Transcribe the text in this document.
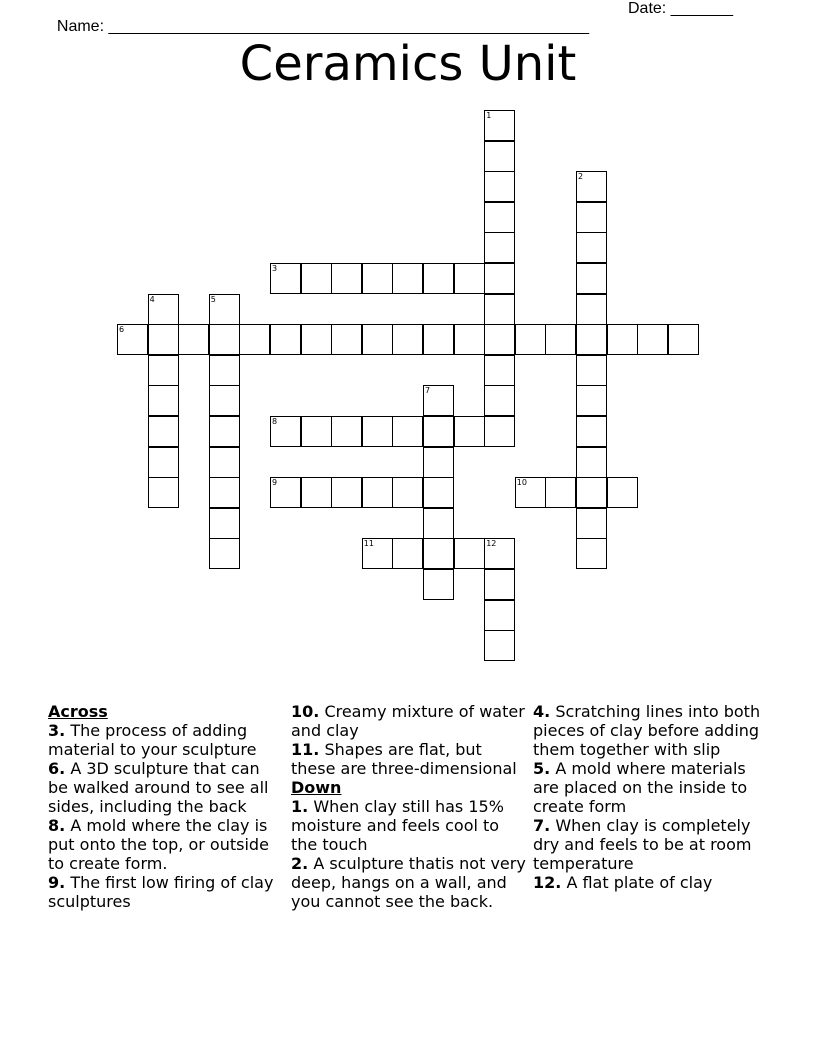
Name: ______________________________________________________

Date: _______

Ceramics Unit
1
2
3
4	5
6
7
8
9	10
11	12

Across

3. The process of adding material to your sculpture

6. A 3D sculpture that can be walked around to see all sides, including the back

8. A mold where the clay is put onto the top, or outside to create form.

9. The first low firing of clay sculptures

10. Creamy mixture of water and clay

11. Shapes are flat, but these are three-dimensional

Down

1. When clay still has 15% moisture and feels cool to the touch

2. A sculpture thatis not very deep, hangs on a wall, and you cannot see the back.

4. Scratching lines into both pieces of clay before adding them together with slip

5. A mold where materials are placed on the inside to create form

7. When clay is completely dry and feels to be at room temperature

12. A flat plate of clay
